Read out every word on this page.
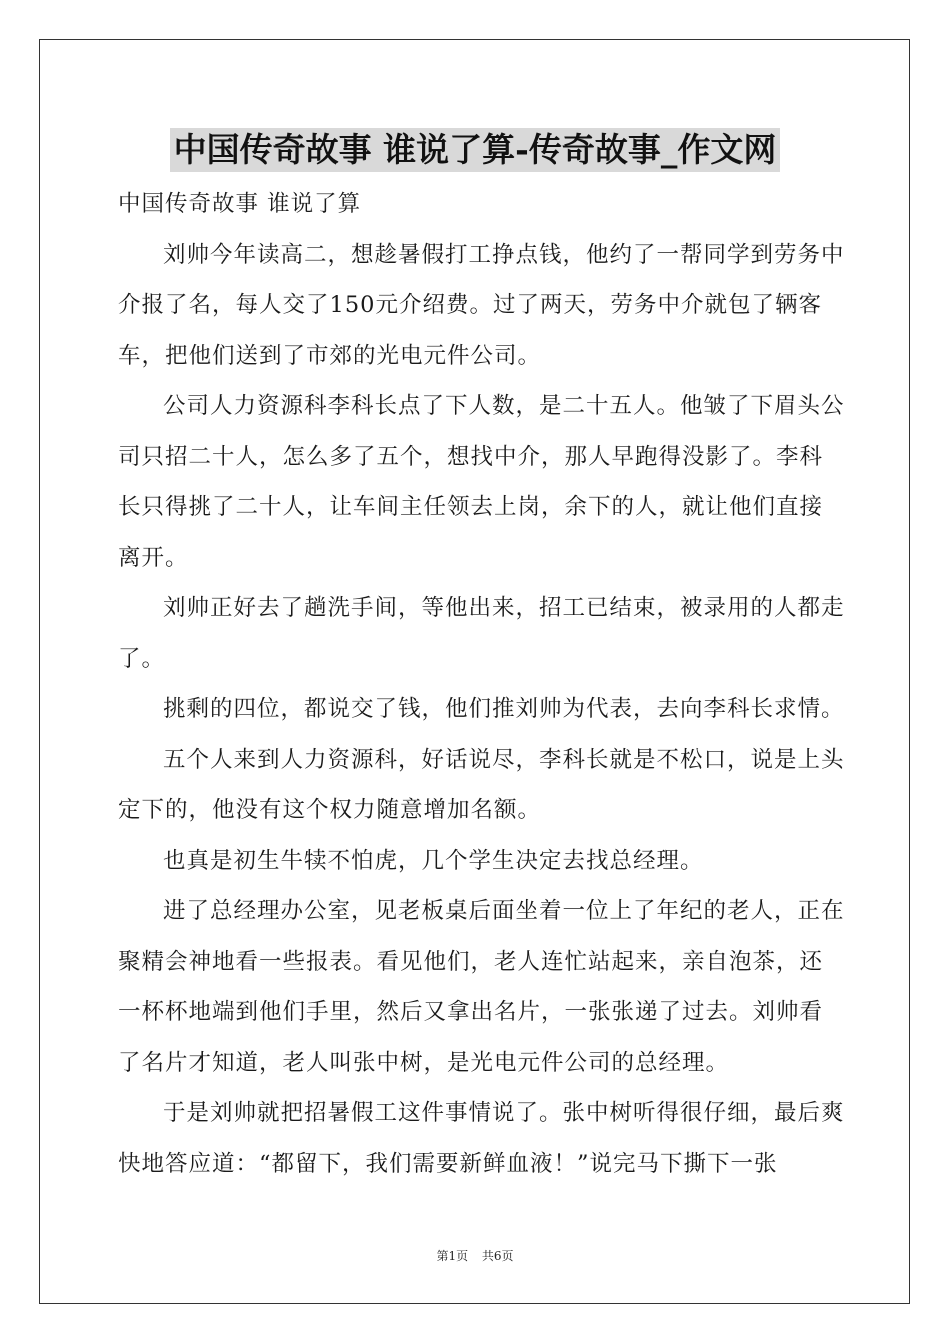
中国传奇故事 谁说了算-传奇故事_作文网

中国传奇故事 谁说了算

刘帅今年读高二，想趁暑假打工挣点钱，他约了一帮同学到劳务中介报了名，每人交了150元介绍费。过了两天，劳务中介就包了辆客车，把他们送到了市郊的光电元件公司。

公司人力资源科李科长点了下人数，是二十五人。他皱了下眉头公司只招二十人，怎么多了五个，想找中介，那人早跑得没影了。李科长只得挑了二十人，让车间主任领去上岗，余下的人，就让他们直接离开。

刘帅正好去了趟洗手间，等他出来，招工已结束，被录用的人都走了。

挑剩的四位，都说交了钱，他们推刘帅为代表，去向李科长求情。

五个人来到人力资源科，好话说尽，李科长就是不松口，说是上头定下的，他没有这个权力随意增加名额。

也真是初生牛犊不怕虎，几个学生决定去找总经理。

进了总经理办公室，见老板桌后面坐着一位上了年纪的老人，正在聚精会神地看一些报表。看见他们，老人连忙站起来，亲自泡茶，还一杯杯地端到他们手里，然后又拿出名片，一张张递了过去。刘帅看了名片才知道，老人叫张中树，是光电元件公司的总经理。

于是刘帅就把招暑假工这件事情说了。张中树听得很仔细，最后爽快地答应道：“都留下，我们需要新鲜血液！”说完马下撕下一张

第1页 共6页
